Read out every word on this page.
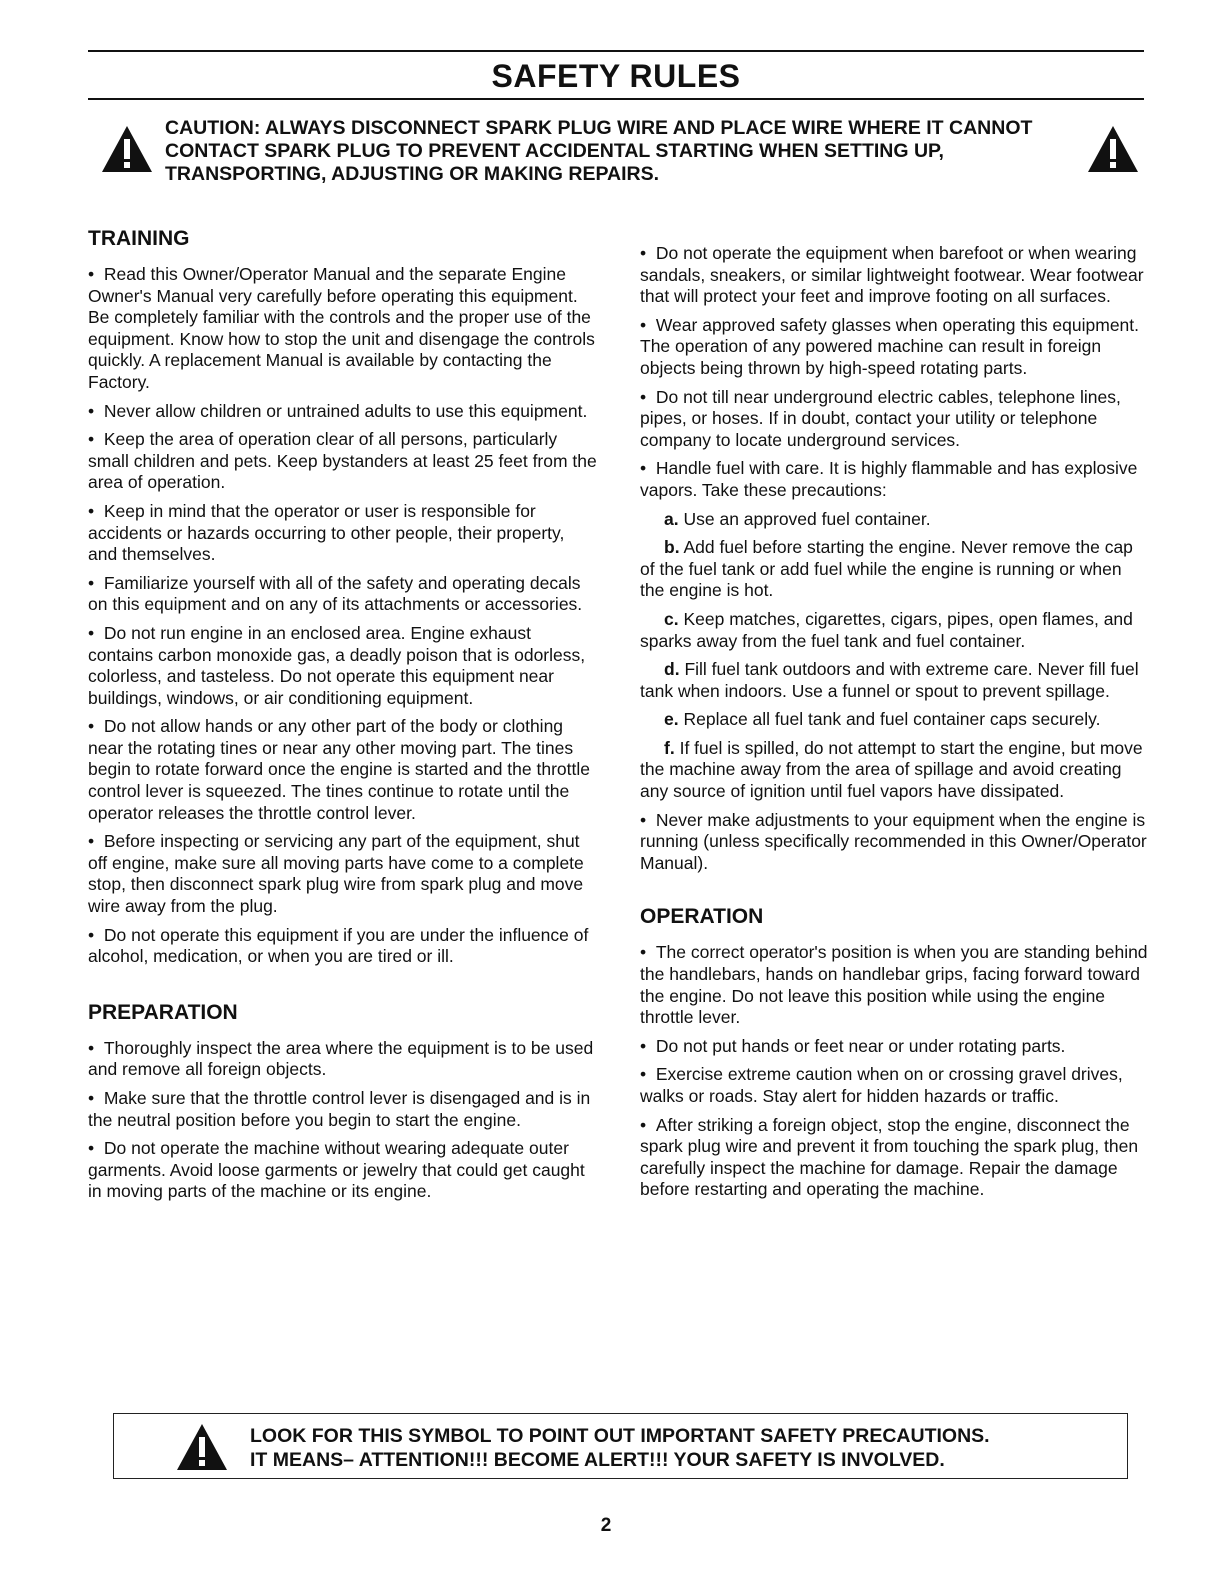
SAFETY RULES
CAUTION: ALWAYS DISCONNECT SPARK PLUG WIRE AND PLACE WIRE WHERE IT CANNOT CONTACT SPARK PLUG TO PREVENT ACCIDENTAL STARTING WHEN SETTING UP, TRANSPORTING, ADJUSTING OR MAKING REPAIRS.
TRAINING
•  Read this Owner/Operator Manual and the separate Engine Owner's Manual very carefully before operating this equipment. Be completely familiar with the controls and the proper use of the equipment. Know how to stop the unit and disengage the controls quickly. A replacement Manual is available by contacting the Factory.
•  Never allow children or untrained adults to use this equipment.
•  Keep the area of operation clear of all persons, particularly small children and pets. Keep bystanders at least 25 feet from the area of operation.
•  Keep in mind that the operator or user is responsible for accidents or hazards occurring to other people, their property, and themselves.
•  Familiarize yourself with all of the safety and operating decals on this equipment and on any of its attachments or accessories.
•  Do not run engine in an enclosed area. Engine exhaust contains carbon monoxide gas, a deadly poison that is odorless, colorless, and tasteless. Do not operate this equipment near buildings, windows, or air conditioning equipment.
•  Do not allow hands or any other part of the body or clothing near the rotating tines or near any other moving part. The tines begin to rotate forward once the engine is started and the throttle control lever is squeezed. The tines continue to rotate until the operator releases the throttle control lever.
•  Before inspecting or servicing any part of the equipment, shut off engine, make sure all moving parts have come to a complete stop, then disconnect spark plug wire from spark plug and move wire away from the plug.
•  Do not operate this equipment if you are under the influence of alcohol, medication, or when you are tired or ill.
PREPARATION
•  Thoroughly inspect the area where the equipment is to be used and remove all foreign objects.
•  Make sure that the throttle control lever is disengaged and is in the neutral position before you begin to start the engine.
•  Do not operate the machine without wearing adequate outer garments. Avoid loose garments or jewelry that could get caught in moving parts of the machine or its engine.
•  Do not operate the equipment when barefoot or when wearing sandals, sneakers, or similar lightweight footwear. Wear footwear that will protect your feet and improve footing on all surfaces.
•  Wear approved safety glasses when operating this equipment. The operation of any powered machine can result in foreign objects being thrown by high-speed rotating parts.
•  Do not till near underground electric cables, telephone lines, pipes, or hoses. If in doubt, contact your utility or telephone company to locate underground services.
•  Handle fuel with care. It is highly flammable and has explosive vapors. Take these precautions:
a. Use an approved fuel container.
b. Add fuel before starting the engine. Never remove the cap of the fuel tank or add fuel while the engine is running or when the engine is hot.
c. Keep matches, cigarettes, cigars, pipes, open flames, and sparks away from the fuel tank and fuel container.
d. Fill fuel tank outdoors and with extreme care. Never fill fuel tank when indoors. Use a funnel or spout to prevent spillage.
e. Replace all fuel tank and fuel container caps securely.
f. If fuel is spilled, do not attempt to start the engine, but move the machine away from the area of spillage and avoid creating any source of ignition until fuel vapors have dissipated.
•  Never make adjustments to your equipment when the engine is running (unless specifically recommended in this Owner/Operator Manual).
OPERATION
•  The correct operator's position is when you are standing behind the handlebars, hands on handlebar grips, facing forward toward the engine. Do not leave this position while using the engine throttle lever.
•  Do not put hands or feet near or under rotating parts.
•  Exercise extreme caution when on or crossing gravel drives, walks or roads. Stay alert for hidden hazards or traffic.
•  After striking a foreign object, stop the engine, disconnect the spark plug wire and prevent it from touching the spark plug, then carefully inspect the machine for damage. Repair the damage before restarting and operating the machine.
LOOK FOR THIS SYMBOL TO POINT OUT IMPORTANT SAFETY PRECAUTIONS.
IT MEANS– ATTENTION!!! BECOME ALERT!!! YOUR SAFETY IS INVOLVED.
2
